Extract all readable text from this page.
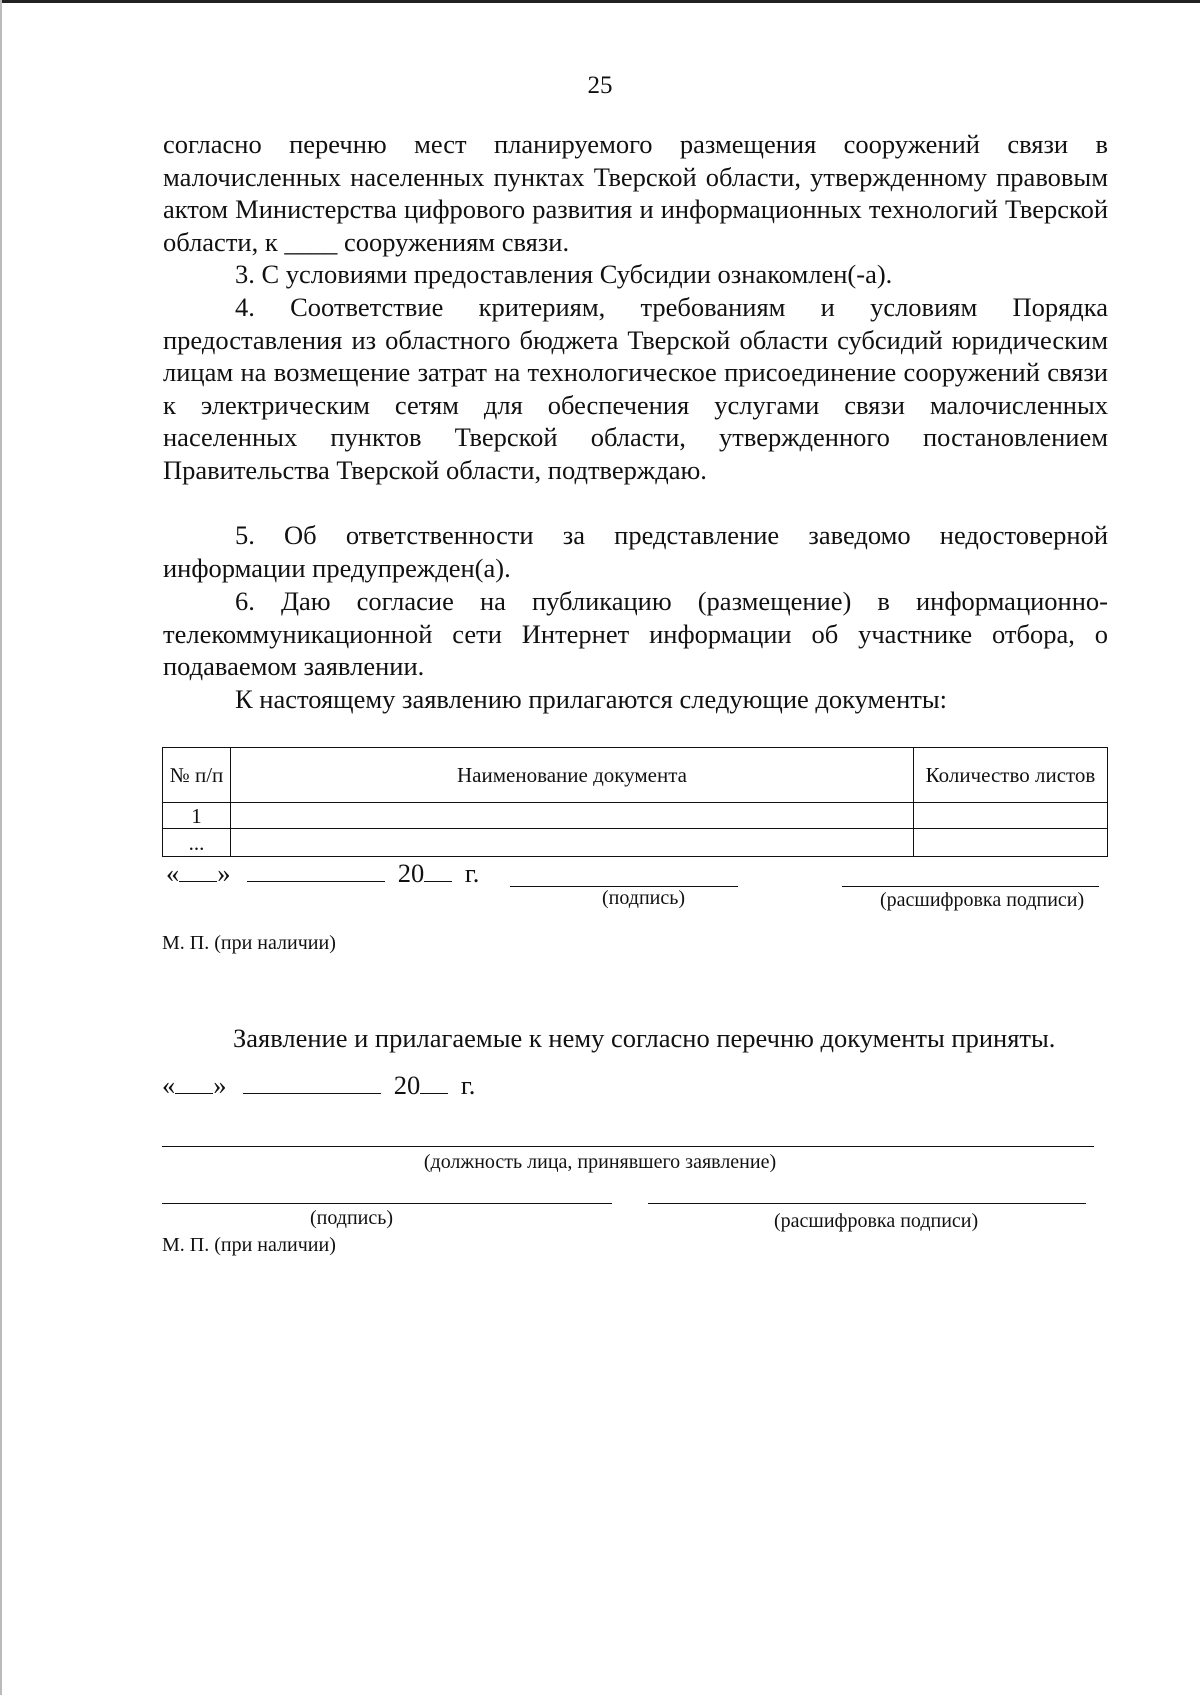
25
согласно перечню мест планируемого размещения сооружений связи в малочисленных населенных пунктах Тверской области, утвержденному правовым актом Министерства цифрового развития и информационных технологий Тверской области, к ____ сооружениям связи.
3. С условиями предоставления Субсидии ознакомлен(-а).
4. Соответствие критериям, требованиям и условиям Порядка предоставления из областного бюджета Тверской области субсидий юридическим лицам на возмещение затрат на технологическое присоединение сооружений связи к электрическим сетям для обеспечения услугами связи малочисленных населенных пунктов Тверской области, утвержденного постановлением Правительства Тверской области, подтверждаю.
5. Об ответственности за представление заведомо недостоверной информации предупрежден(а).
6. Даю согласие на публикацию (размещение) в информационно-телекоммуникационной сети Интернет информации об участнике отбора, о подаваемом заявлении.
К настоящему заявлению прилагаются следующие документы:
№ п/п	Наименование документа	Количество листов
1		
...		
« »	20 г.
(подпись)	(расшифровка подписи)
М. П. (при наличии)
Заявление и прилагаемые к нему согласно перечню документы приняты.
« »	20 г.
(должность лица, принявшего заявление)
(подпись)	(расшифровка подписи)
М. П. (при наличии)
